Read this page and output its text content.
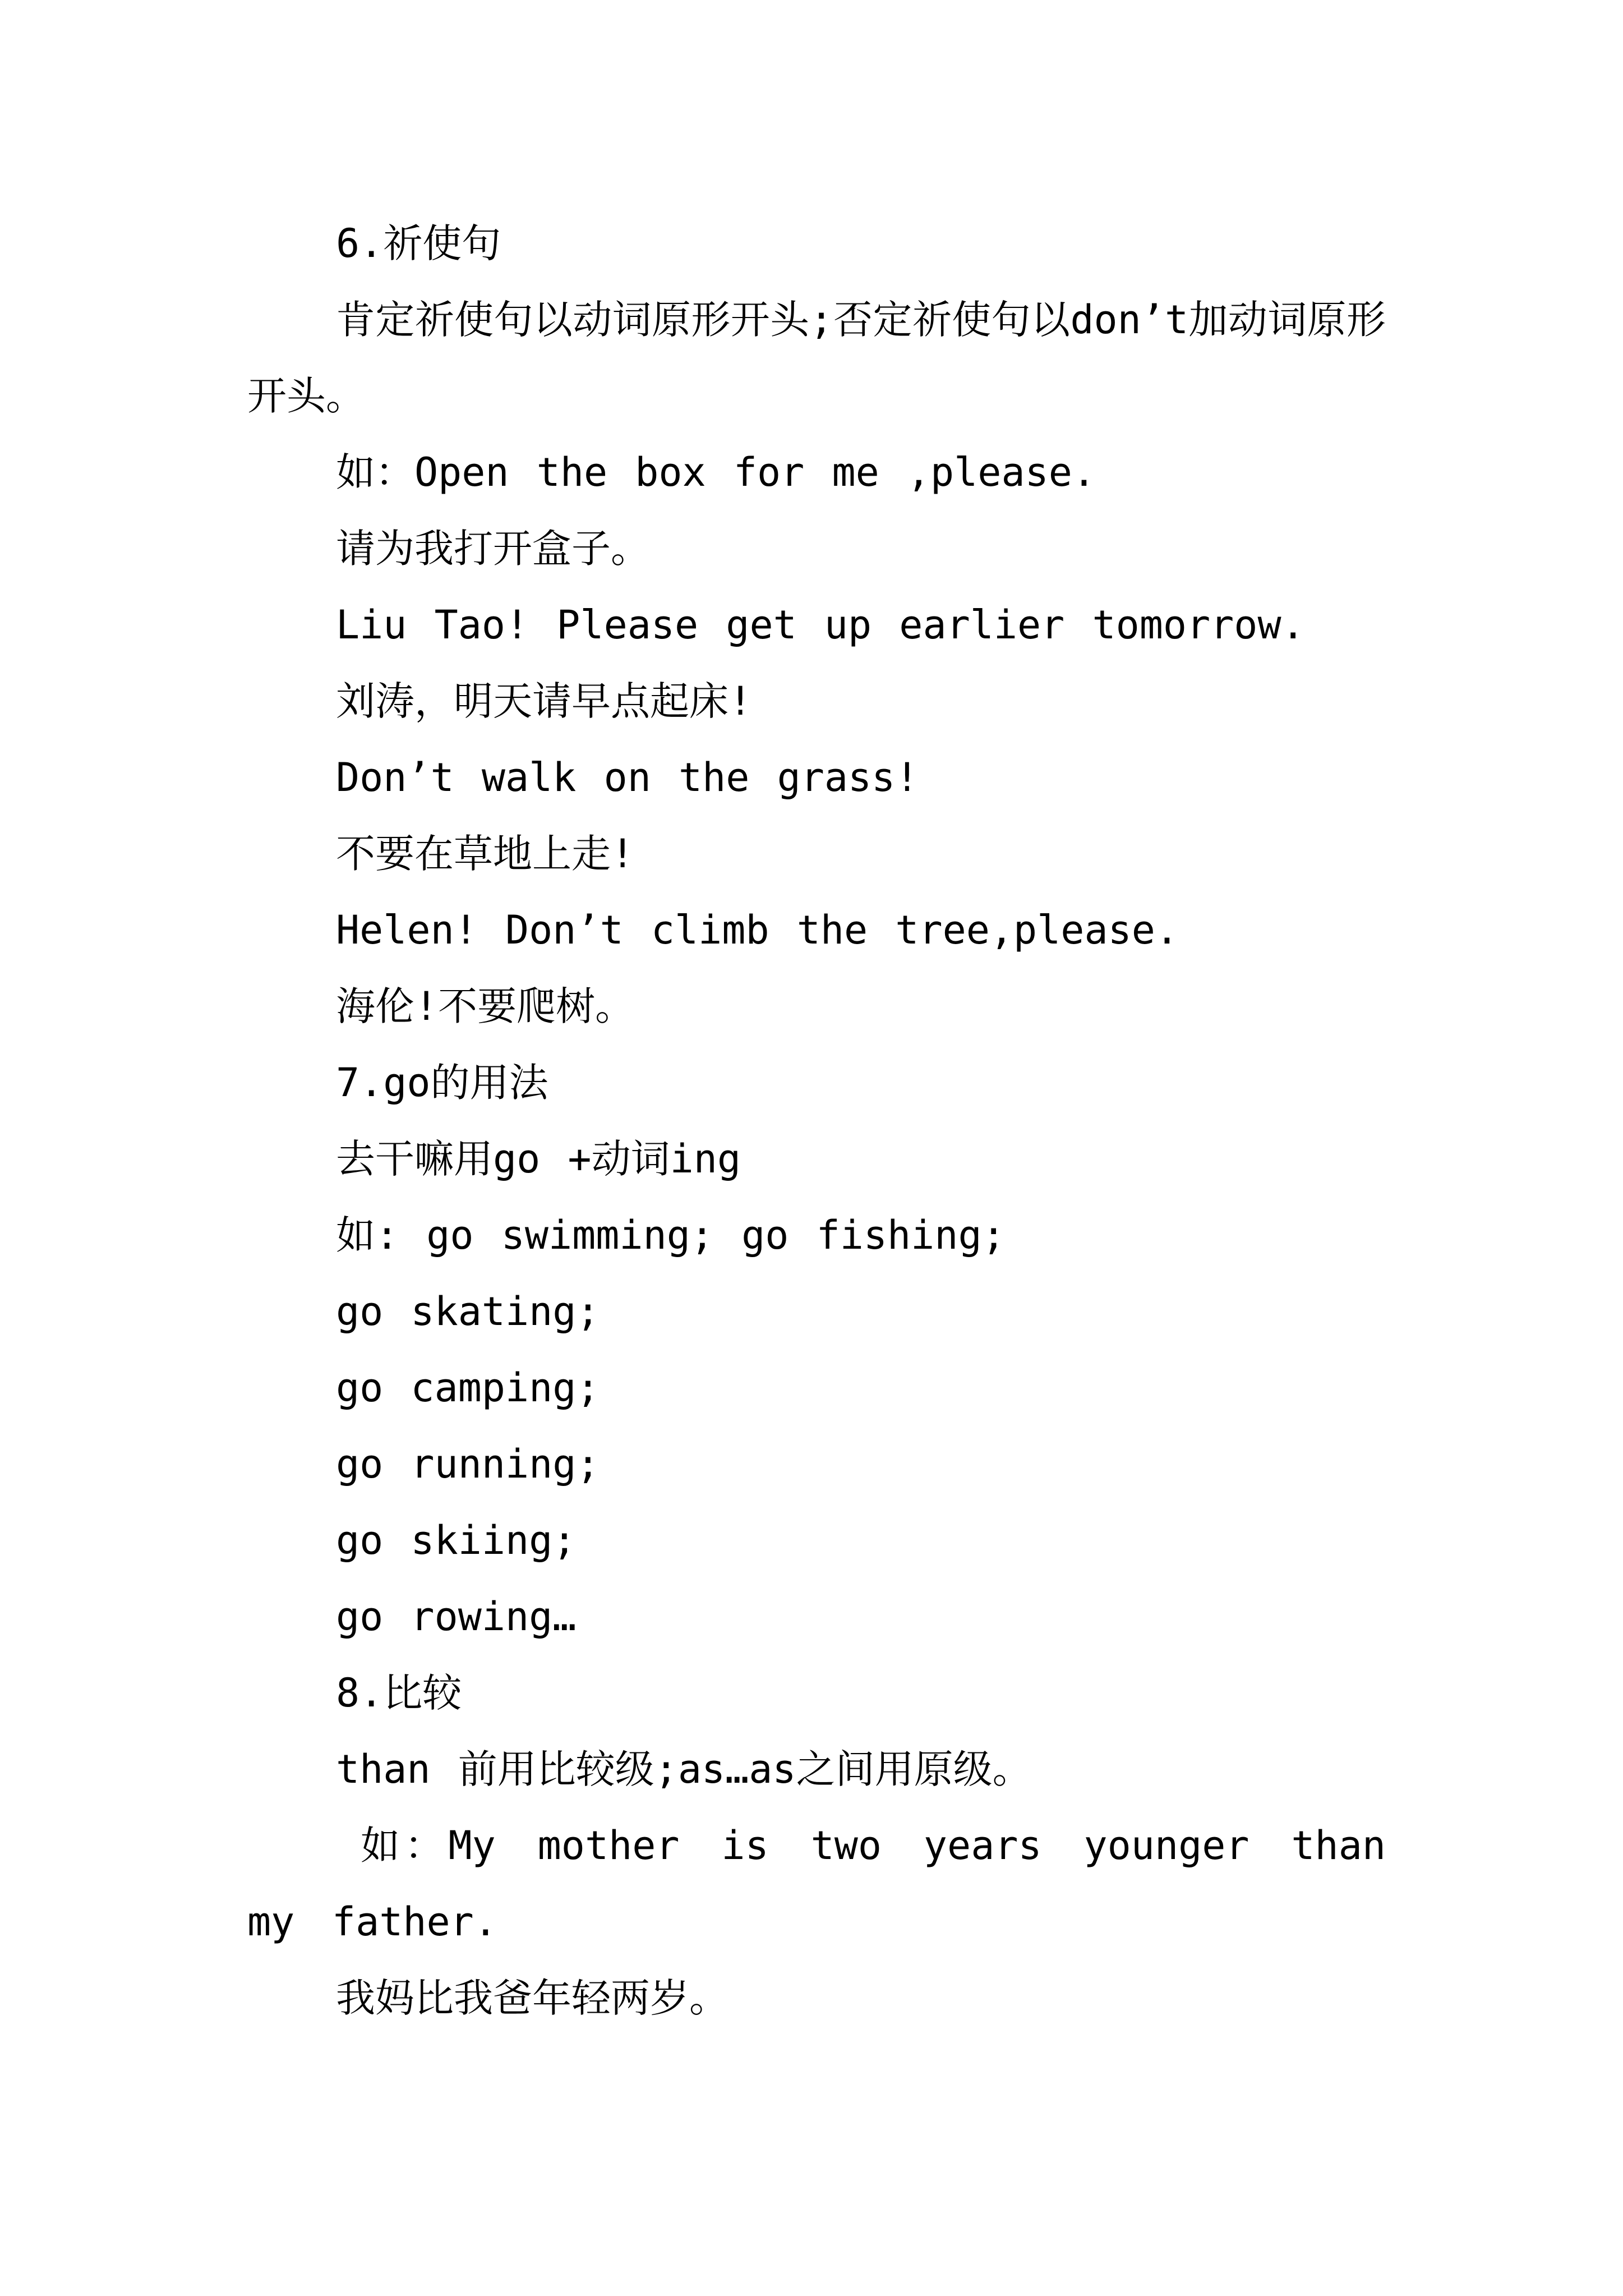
6.祈使句

肯定祈使句以动词原形开头;否定祈使句以don’t加动词原形开头。

如：Open the box for me ,please.

请为我打开盒子。

Liu Tao! Please get up earlier tomorrow.

刘涛，明天请早点起床!

Don’t walk on the grass!

不要在草地上走!

Helen! Don’t climb the tree,please.

海伦!不要爬树。

7.go的用法

去干嘛用go +动词ing

如: go swimming; go fishing;

go skating;

go camping;

go running;

go skiing;

go rowing…

8.比较

than 前用比较级;as…as之间用原级。

如：My mother is two years younger than my father.

我妈比我爸年轻两岁。
